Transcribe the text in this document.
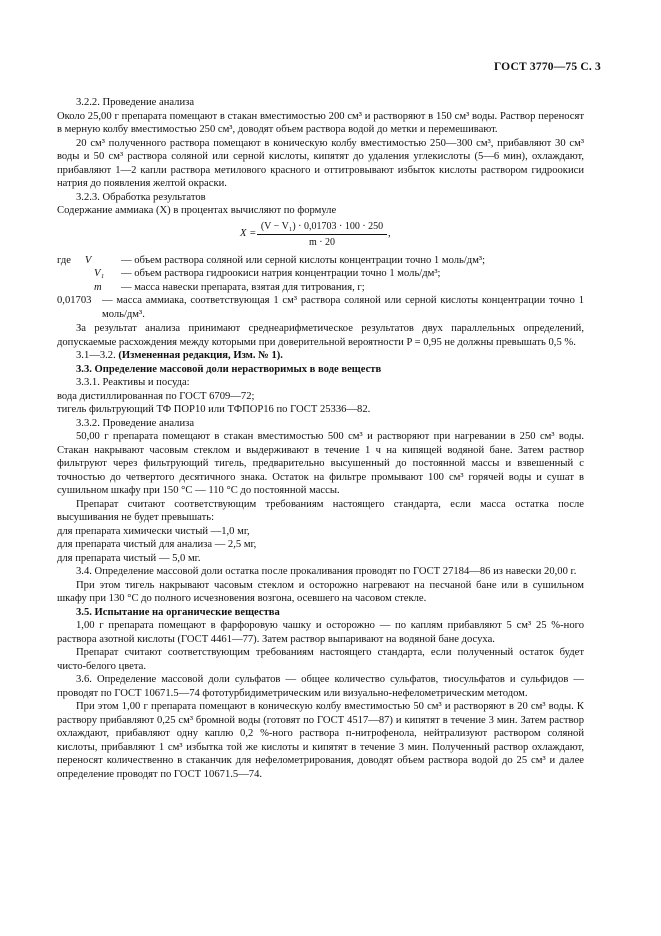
ГОСТ 3770—75 С. 3

3.2.2. Проведение анализа

Около 25,00 г препарата помещают в стакан вместимостью 200 см³ и растворяют в 150 см³ воды. Раствор переносят в мерную колбу вместимостью 250 см³, доводят объем раствора водой до метки и перемешивают.

20 см³ полученного раствора помещают в коническую колбу вместимостью 250—300 см³, прибавляют 30 см³ воды и 50 см³ раствора соляной или серной кислоты, кипятят до удаления углекислоты (5—6 мин), охлаждают, прибавляют 1—2 капли раствора метилового красного и оттитровывают избыток кислоты раствором гидроокиси натрия до появления желтой окраски.

3.2.3. Обработка результатов

Содержание аммиака (X) в процентах вычисляют по формуле

X =
(V − V₁) · 0,01703 · 100 · 250
m · 20
,
где V	— объем раствора соляной или серной кислоты концентрации точно 1 моль/дм³;
V₁	— объем раствора гидроокиси натрия концентрации точно 1 моль/дм³;
m	— масса навески препарата, взятая для титрования, г;
0,01703 — масса аммиака, соответствующая 1 см³ раствора соляной или серной кислоты концентрации точно 1 моль/дм³.

За результат анализа принимают среднеарифметическое результатов двух параллельных определений, допускаемые расхождения между которыми при доверительной вероятности P = 0,95 не должны превышать 0,5 %.

3.1—3.2. (Измененная редакция, Изм. № 1).

3.3. Определение массовой доли нерастворимых в воде веществ

3.3.1. Реактивы и посуда:

вода дистиллированная по ГОСТ 6709—72;

тигель фильтрующий ТФ ПОР10 или ТФПОР16 по ГОСТ 25336—82.

3.3.2. Проведение анализа

50,00 г препарата помещают в стакан вместимостью 500 см³ и растворяют при нагревании в 250 см³ воды. Стакан накрывают часовым стеклом и выдерживают в течение 1 ч на кипящей водяной бане. Затем раствор фильтруют через фильтрующий тигель, предварительно высушенный до постоянной массы и взвешенный с точностью до четвертого десятичного знака. Остаток на фильтре промывают 100 см³ горячей воды и сушат в сушильном шкафу при 150 °С — 110 °С до постоянной массы.

Препарат считают соответствующим требованиям настоящего стандарта, если масса остатка после высушивания не будет превышать:

для препарата химически чистый —1,0 мг,

для препарата чистый для анализа — 2,5 мг,

для препарата чистый — 5,0 мг.

3.4. Определение массовой доли остатка после прокаливания проводят по ГОСТ 27184—86 из навески 20,00 г.

При этом тигель накрывают часовым стеклом и осторожно нагревают на песчаной бане или в сушильном шкафу при 130 °С до полного исчезновения возгона, осевшего на часовом стекле.

3.5. Испытание на органические вещества

1,00 г препарата помещают в фарфоровую чашку и осторожно — по каплям прибавляют 5 см³ 25 %-ного раствора азотной кислоты (ГОСТ 4461—77). Затем раствор выпаривают на водяной бане досуха.

Препарат считают соответствующим требованиям настоящего стандарта, если полученный остаток будет чисто-белого цвета.

3.6. Определение массовой доли сульфатов — общее количество сульфатов, тиосульфатов и сульфидов — проводят по ГОСТ 10671.5—74 фототурбидиметрическим или визуально-нефелометрическим методом.

При этом 1,00 г препарата помещают в коническую колбу вместимостью 50 см³ и растворяют в 20 см³ воды. К раствору прибавляют 0,25 см³ бромной воды (готовят по ГОСТ 4517—87) и кипятят в течение 3 мин. Затем раствор охлаждают, прибавляют одну каплю 0,2 %-ного раствора п-нитрофенола, нейтрализуют раствором соляной кислоты, прибавляют 1 см³ избытка той же кислоты и кипятят в течение 3 мин. Полученный раствор охлаждают, переносят количественно в стаканчик для нефелометрирования, доводят объем раствора водой до 25 см³ и далее определение проводят по ГОСТ 10671.5—74.
